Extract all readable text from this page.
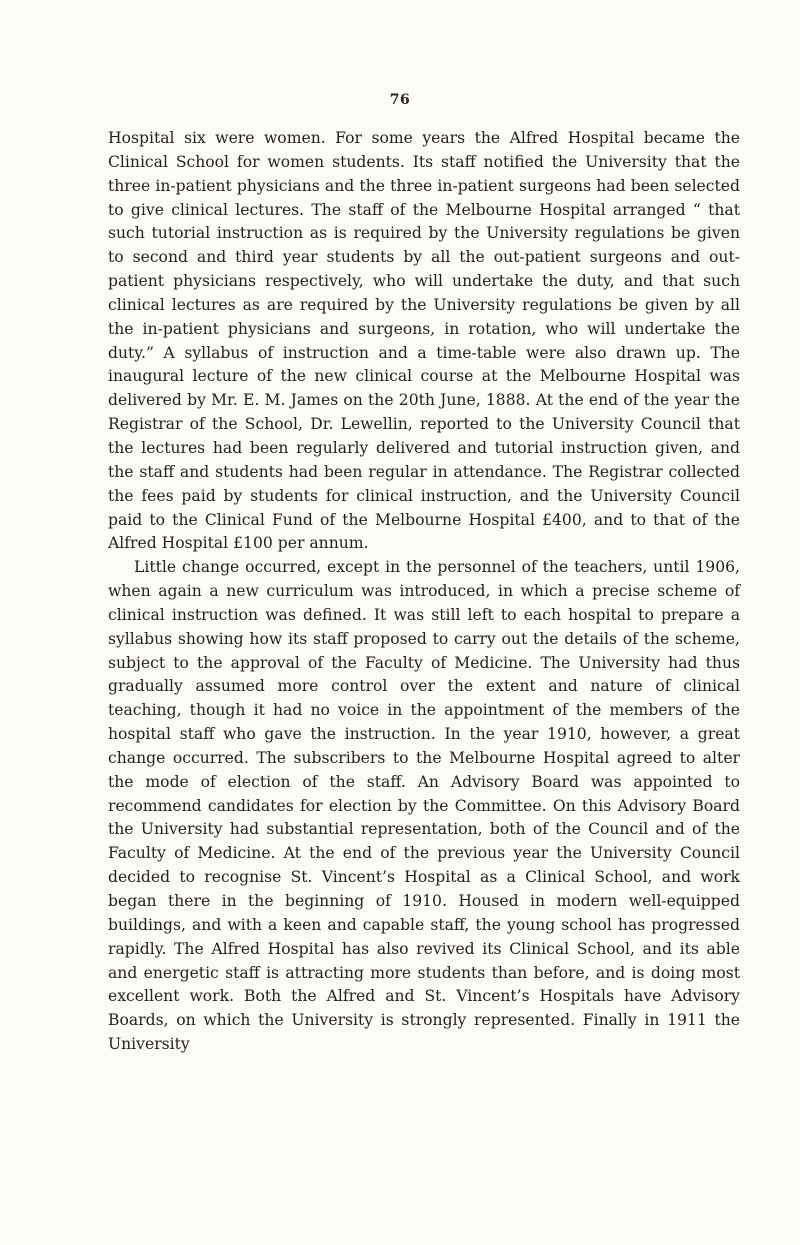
76

Hospital six were women. For some years the Alfred Hospital became the Clinical School for women students. Its staff notified the University that the three in-patient physicians and the three in-patient surgeons had been selected to give clinical lectures. The staff of the Melbourne Hospital arranged “ that such tutorial instruction as is required by the University regulations be given to second and third year students by all the out-patient surgeons and out-patient physicians respectively, who will undertake the duty, and that such clinical lectures as are required by the University regulations be given by all the in-patient physicians and surgeons, in rotation, who will undertake the duty.” A syllabus of instruction and a time-table were also drawn up. The inaugural lecture of the new clinical course at the Melbourne Hospital was delivered by Mr. E. M. James on the 20th June, 1888. At the end of the year the Registrar of the School, Dr. Lewellin, reported to the University Council that the lectures had been regularly delivered and tutorial instruction given, and the staff and students had been regular in attendance. The Registrar collected the fees paid by students for clinical instruction, and the University Council paid to the Clinical Fund of the Melbourne Hospital £400, and to that of the Alfred Hospital £100 per annum.

Little change occurred, except in the personnel of the teachers, until 1906, when again a new curriculum was introduced, in which a precise scheme of clinical instruction was defined. It was still left to each hospital to prepare a syllabus showing how its staff proposed to carry out the details of the scheme, subject to the approval of the Faculty of Medicine. The University had thus gradually assumed more control over the extent and nature of clinical teaching, though it had no voice in the appointment of the members of the hospital staff who gave the instruction. In the year 1910, however, a great change occurred. The subscribers to the Melbourne Hospital agreed to alter the mode of election of the staff. An Advisory Board was appointed to recommend candidates for election by the Committee. On this Advisory Board the University had substantial representation, both of the Council and of the Faculty of Medicine. At the end of the previous year the University Council decided to recognise St. Vincent’s Hospital as a Clinical School, and work began there in the beginning of 1910. Housed in modern well-equipped buildings, and with a keen and capable staff, the young school has progressed rapidly. The Alfred Hospital has also revived its Clinical School, and its able and energetic staff is attracting more students than before, and is doing most excellent work. Both the Alfred and St. Vincent’s Hospitals have Advisory Boards, on which the University is strongly represented. Finally in 1911 the University
